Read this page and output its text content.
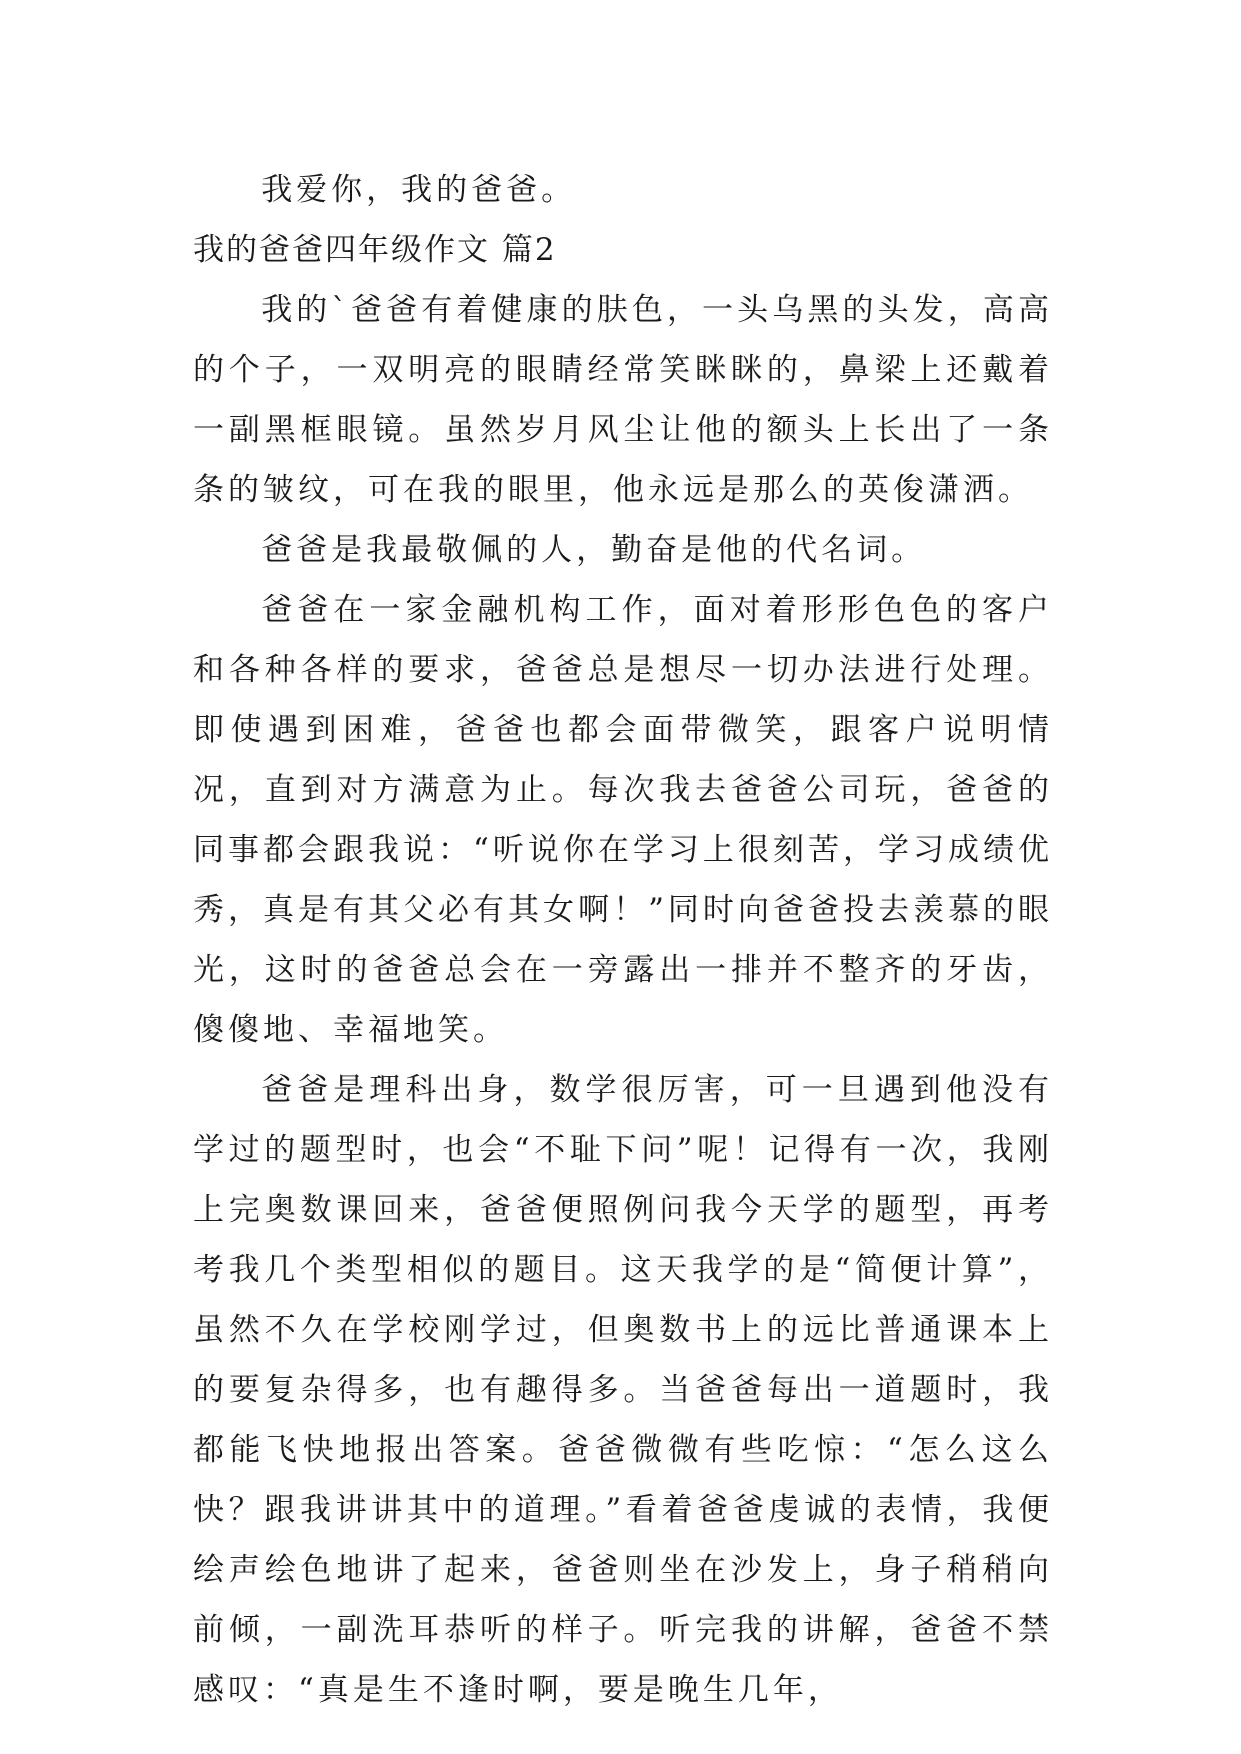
我爱你，我的爸爸。

我的爸爸四年级作文 篇2

我的`爸爸有着健康的肤色，一头乌黑的头发，高高的个子，一双明亮的眼睛经常笑眯眯的，鼻梁上还戴着一副黑框眼镜。虽然岁月风尘让他的额头上长出了一条条的皱纹，可在我的眼里，他永远是那么的英俊潇洒。

爸爸是我最敬佩的人，勤奋是他的代名词。

爸爸在一家金融机构工作，面对着形形色色的客户和各种各样的要求，爸爸总是想尽一切办法进行处理。即使遇到困难，爸爸也都会面带微笑，跟客户说明情况，直到对方满意为止。每次我去爸爸公司玩，爸爸的同事都会跟我说：“听说你在学习上很刻苦，学习成绩优秀，真是有其父必有其女啊！”同时向爸爸投去羡慕的眼光，这时的爸爸总会在一旁露出一排并不整齐的牙齿，傻傻地、幸福地笑。

爸爸是理科出身，数学很厉害，可一旦遇到他没有学过的题型时，也会“不耻下问”呢！记得有一次，我刚上完奥数课回来，爸爸便照例问我今天学的题型，再考考我几个类型相似的题目。这天我学的是“简便计算”，虽然不久在学校刚学过，但奥数书上的远比普通课本上的要复杂得多，也有趣得多。当爸爸每出一道题时，我都能飞快地报出答案。爸爸微微有些吃惊：“怎么这么快？跟我讲讲其中的道理。”看着爸爸虔诚的表情，我便绘声绘色地讲了起来，爸爸则坐在沙发上，身子稍稍向前倾，一副洗耳恭听的样子。听完我的讲解，爸爸不禁感叹：“真是生不逢时啊，要是晚生几年，
